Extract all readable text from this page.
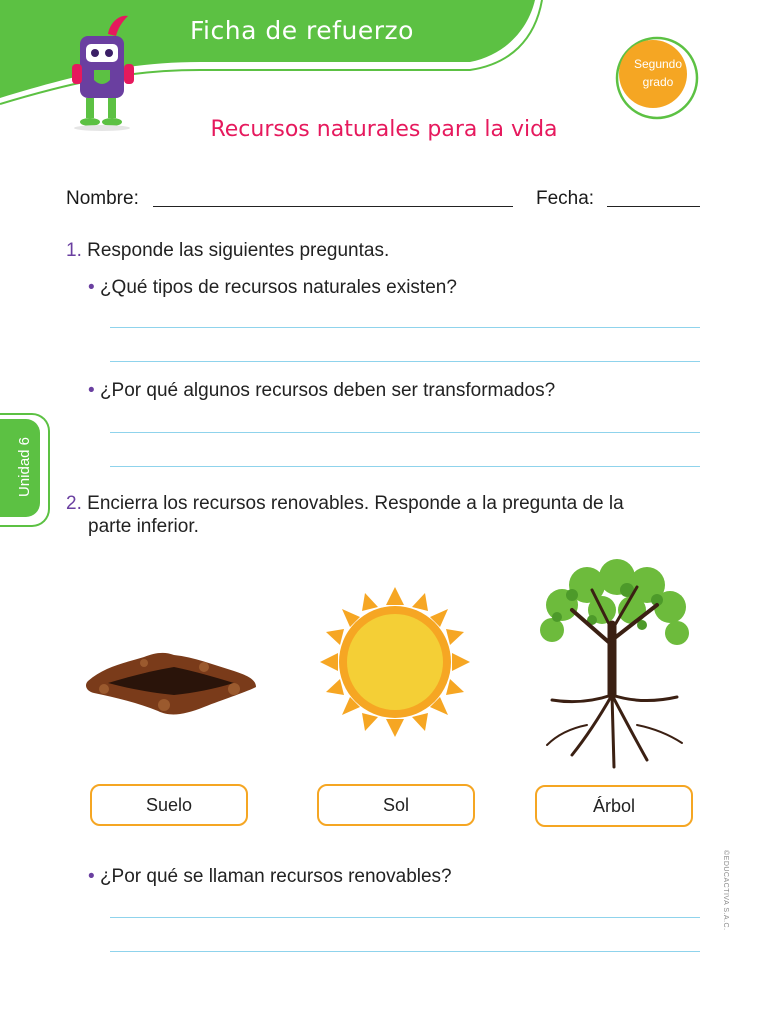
Ficha de refuerzo
Segundo
grado
Recursos naturales para la vida
Nombre:	Fecha:
1. Responde las siguientes preguntas.
• ¿Qué tipos de recursos naturales existen?
• ¿Por qué algunos recursos deben ser transformados?
Unidad 6
2. Encierra los recursos renovables. Responde a la pregunta de la
parte inferior.
Suelo	Sol	Árbol
• ¿Por qué se llaman recursos renovables?	©EDUCACTIVA S.A.C.
